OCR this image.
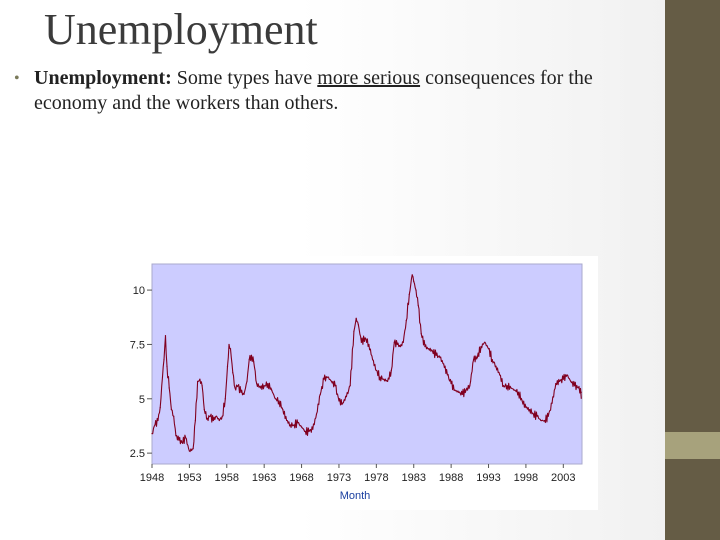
Unemployment
• Unemployment: Some types have more serious consequences for the economy and the workers than others.
2.5
5
7.5
10
1948 1953 1958 1963 1968 1973 1978 1983 1988 1993 1998 2003
Month
